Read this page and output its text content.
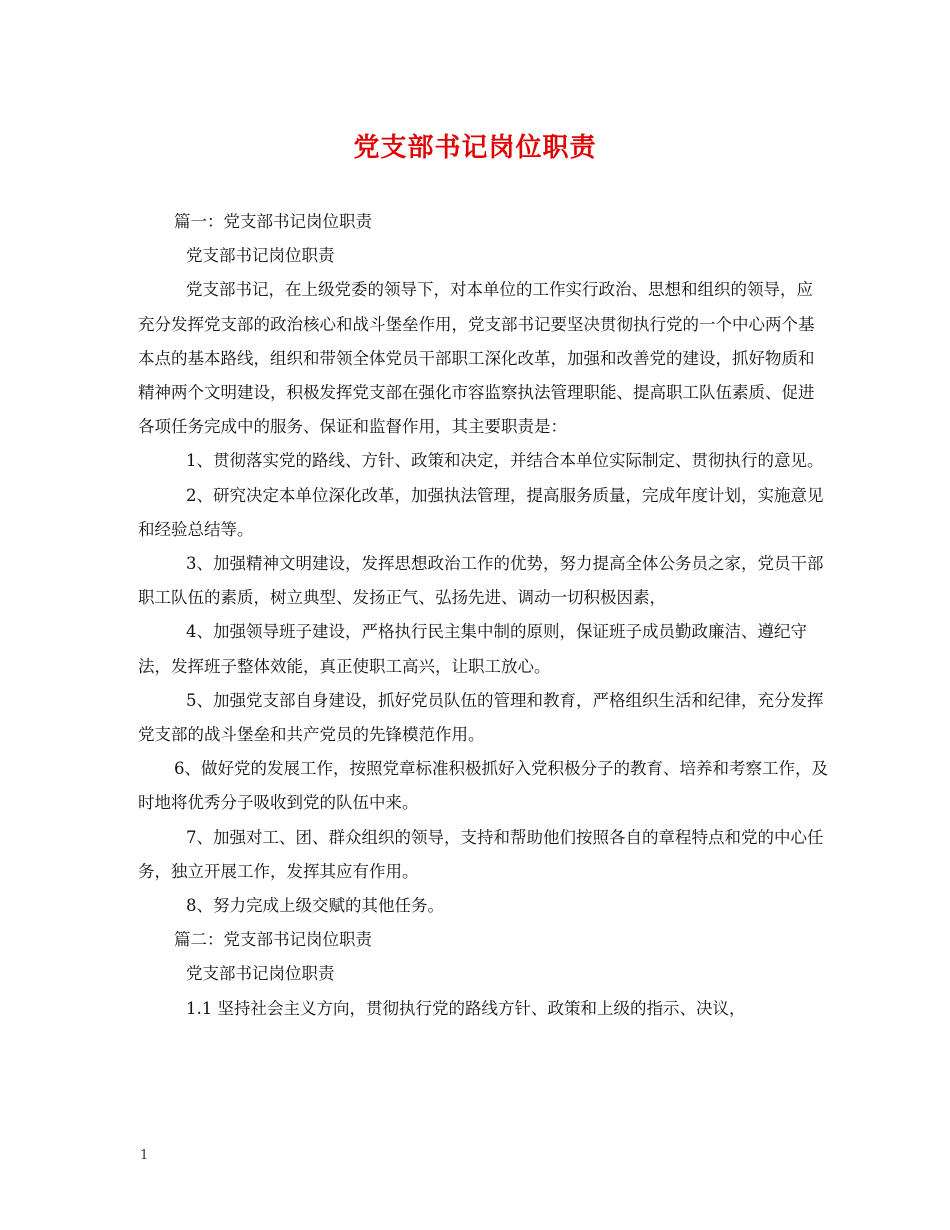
党支部书记岗位职责

篇一：党支部书记岗位职责

党支部书记岗位职责

党支部书记，在上级党委的领导下，对本单位的工作实行政治、思想和组织的领导，应充分发挥党支部的政治核心和战斗堡垒作用，党支部书记要坚决贯彻执行党的一个中心两个基本点的基本路线，组织和带领全体党员干部职工深化改革，加强和改善党的建设，抓好物质和精神两个文明建设，积极发挥党支部在强化市容监察执法管理职能、提高职工队伍素质、促进各项任务完成中的服务、保证和监督作用，其主要职责是：

1、贯彻落实党的路线、方针、政策和决定，并结合本单位实际制定、贯彻执行的意见。

2、研究决定本单位深化改革，加强执法管理，提高服务质量，完成年度计划，实施意见和经验总结等。

3、加强精神文明建设，发挥思想政治工作的优势，努力提高全体公务员之家，党员干部职工队伍的素质，树立典型、发扬正气、弘扬先进、调动一切积极因素，

4、加强领导班子建设，严格执行民主集中制的原则，保证班子成员勤政廉洁、遵纪守法，发挥班子整体效能，真正使职工高兴，让职工放心。

5、加强党支部自身建设，抓好党员队伍的管理和教育，严格组织生活和纪律，充分发挥党支部的战斗堡垒和共产党员的先锋模范作用。

6、做好党的发展工作，按照党章标准积极抓好入党积极分子的教育、培养和考察工作，及时地将优秀分子吸收到党的队伍中来。

7、加强对工、团、群众组织的领导，支持和帮助他们按照各自的章程特点和党的中心任务，独立开展工作，发挥其应有作用。

8、努力完成上级交赋的其他任务。

篇二：党支部书记岗位职责

党支部书记岗位职责

1.1 坚持社会主义方向，贯彻执行党的路线方针、政策和上级的指示、决议，

1
